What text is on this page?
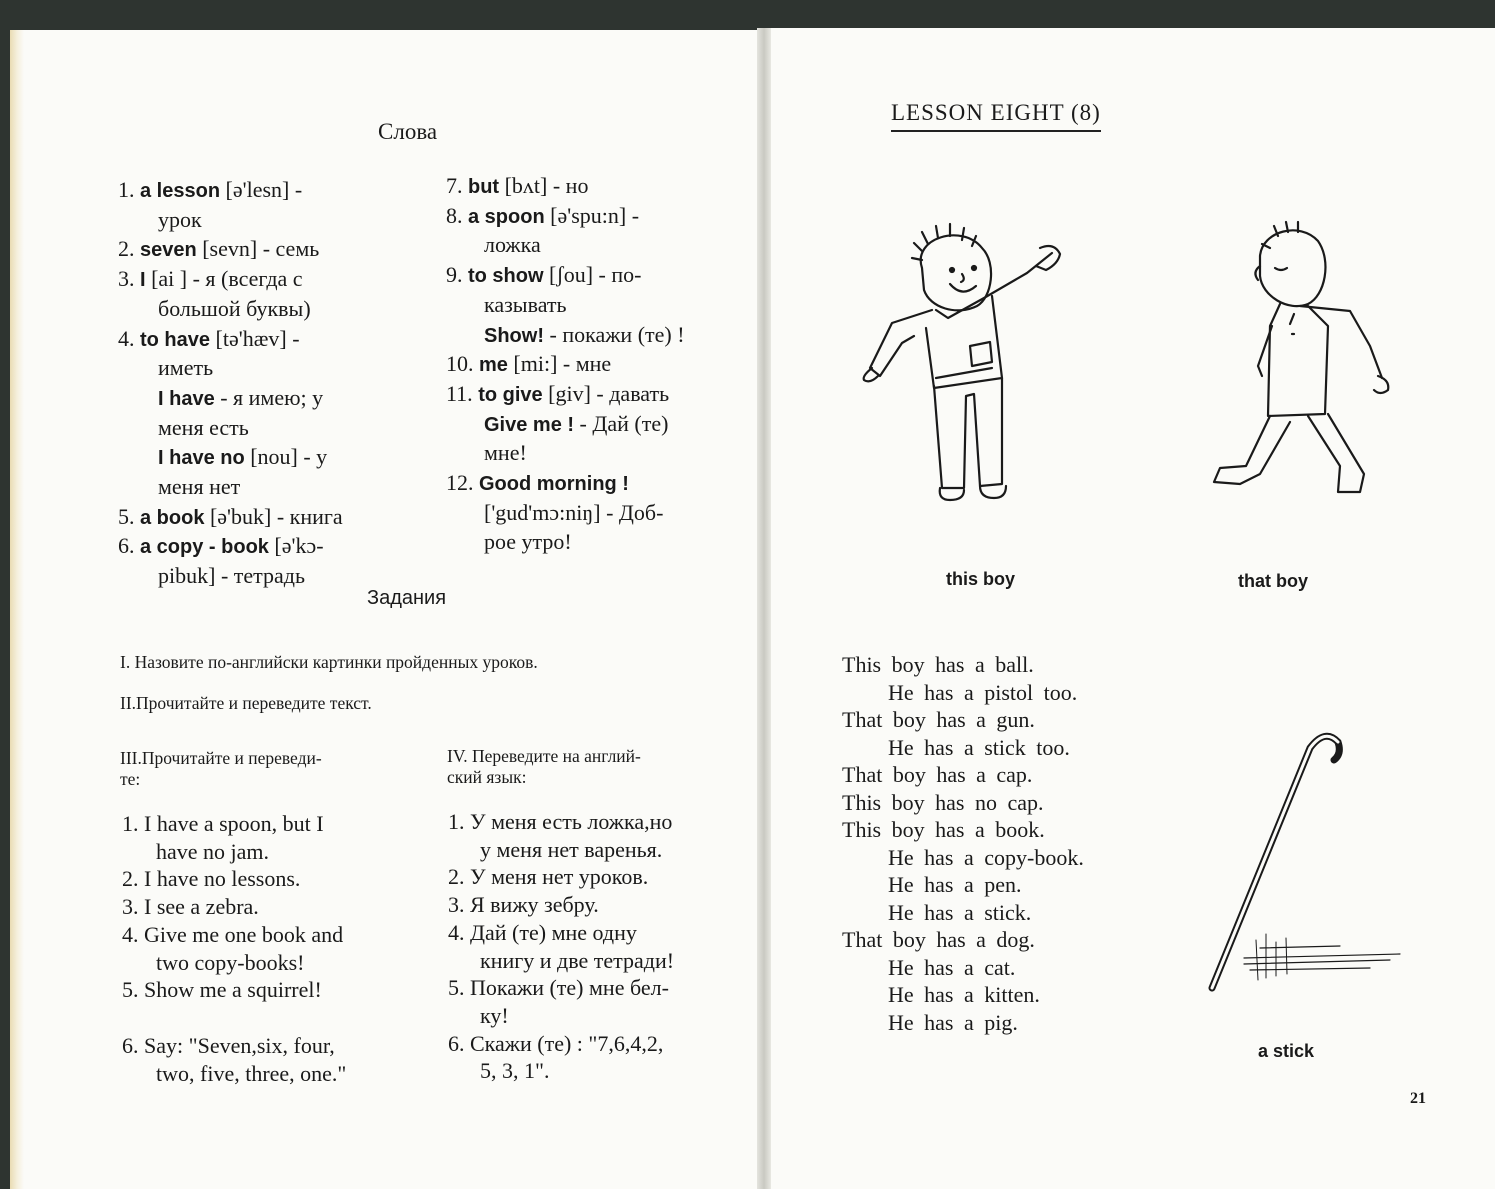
Слова
1. a lesson [ə'lesn] -
урок
2. seven [sevn] - семь
3. I [ai ] - я (всегда с
большой буквы)
4. to have [tə'hæv] -
иметь
I have - я имею; у
меня есть
I have no [nou] - у
меня нет
5. a book [ə'buk] - книга
6. a copy - book [ə'kɔ-
pibuk] - тетрадь
7. but [bʌt] - но
8. a spoon [ə'spu:n] -
ложка
9. to show [ʃou] - по-
казывать
Show! - покажи (те) !
10. me [mi:] - мне
11. to give [giv] - давать
Give me ! - Дай (те)
мне!
12. Good morning !
['gud'mɔ:niŋ] - Доб-
рое утро!
Задания
I. Назовите по-английски картинки пройденных уроков.
II.Прочитайте и переведите текст.
III.Прочитайте и переведи-
те:
IV. Переведите на англий-
ский язык:
1. I have a spoon, but I
have no jam.
2. I have no lessons.
3. I see a zebra.
4. Give me one book and
two copy-books!
5. Show me a squirrel!
6. Say: "Seven,six, four,
two, five, three, one."
1. У меня есть ложка,но
у меня нет варенья.
2. У меня нет уроков.
3. Я вижу зебру.
4. Дай (те) мне одну
книгу и две тетради!
5. Покажи (те) мне бел-
ку!
6. Скажи (те) : "7,6,4,2,
5, 3, 1".
LESSON EIGHT (8)
this boy	that boy
This boy has a ball.
He has a pistol too.
That boy has a gun.
He has a stick too.
That boy has a cap.
This boy has no cap.
This boy has a book.
He has a copy-book.
He has a pen.
He has a stick.
That boy has a dog.
He has a cat.
He has a kitten.
He has a pig.
a stick
21
